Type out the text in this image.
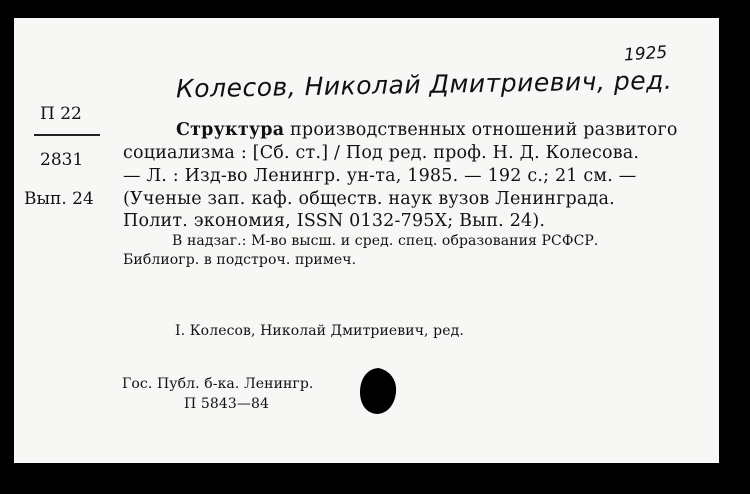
Колесов, Николай Дмитриевич, ред.
1925
П 22
2831
Вып. 24
Структура производственных отношений развитого
социализма : [Сб. ст.] / Под ред. проф. Н. Д. Колесова.
— Л. : Изд-во Ленингр. ун-та, 1985. — 192 с.; 21 см. —
(Ученые зап. каф. обществ. наук вузов Ленинграда.
Полит. экономия, ISSN 0132-795X; Вып. 24).
В надзаг.: М-во высш. и сред. спец. образования РСФСР.
Библиогр. в подстроч. примеч.
I. Колесов, Николай Дмитриевич, ред.
Гос. Публ. б-ка. Ленингр.
П 5843—84
